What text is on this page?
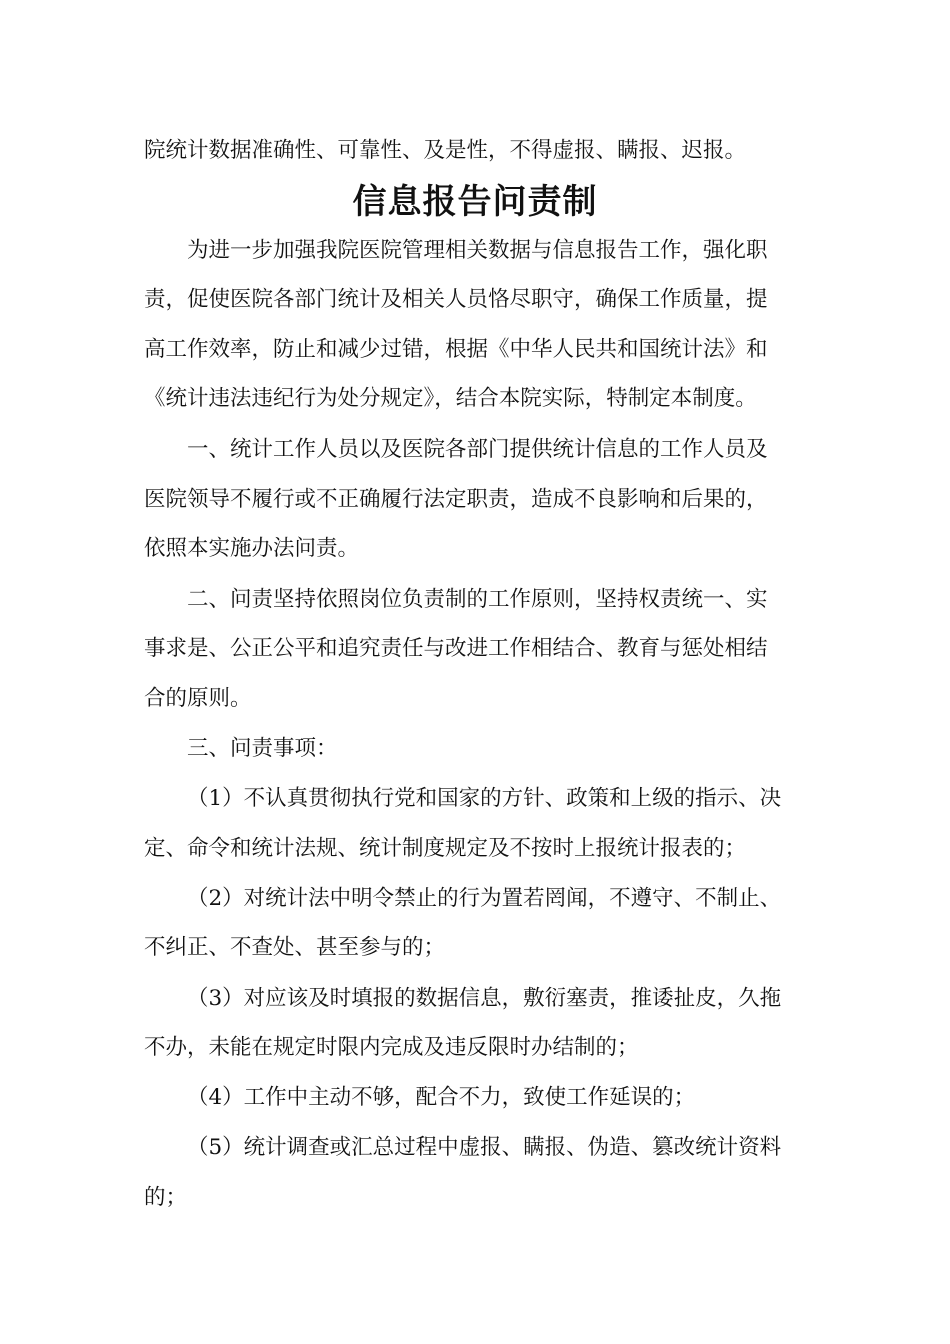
院统计数据准确性、可靠性、及是性，不得虚报、瞒报、迟报。
信息报告问责制
为进一步加强我院医院管理相关数据与信息报告工作，强化职
责，促使医院各部门统计及相关人员恪尽职守，确保工作质量，提
高工作效率，防止和减少过错，根据《中华人民共和国统计法》和
《统计违法违纪行为处分规定》，结合本院实际，特制定本制度。
一、统计工作人员以及医院各部门提供统计信息的工作人员及
医院领导不履行或不正确履行法定职责，造成不良影响和后果的，
依照本实施办法问责。
二、问责坚持依照岗位负责制的工作原则，坚持权责统一、实
事求是、公正公平和追究责任与改进工作相结合、教育与惩处相结
合的原则。
三、问责事项：
（1）不认真贯彻执行党和国家的方针、政策和上级的指示、决
定、命令和统计法规、统计制度规定及不按时上报统计报表的；
（2）对统计法中明令禁止的行为置若罔闻，不遵守、不制止、
不纠正、不查处、甚至参与的；
（3）对应该及时填报的数据信息，敷衍塞责，推诿扯皮，久拖
不办，未能在规定时限内完成及违反限时办结制的；
（4）工作中主动不够，配合不力，致使工作延误的；
（5）统计调查或汇总过程中虚报、瞒报、伪造、篡改统计资料
的；
